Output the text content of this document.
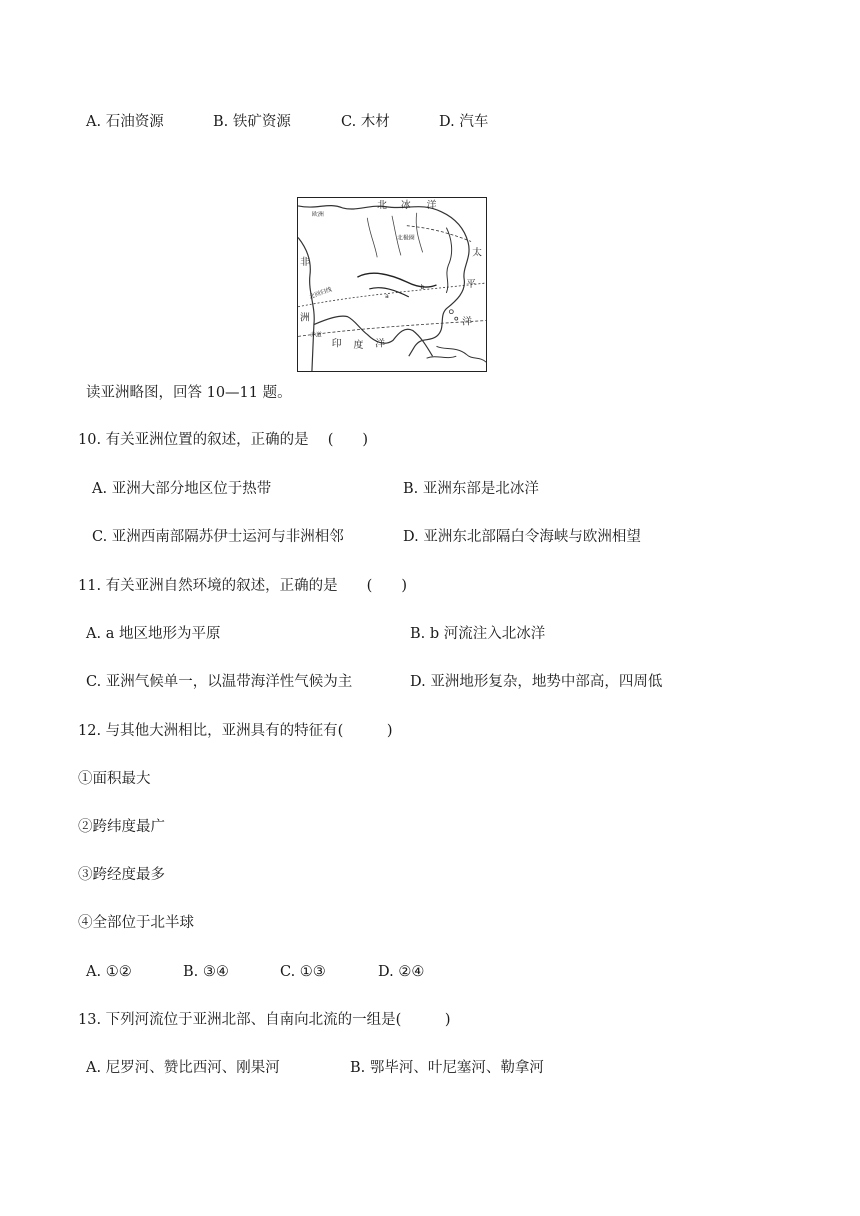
A. 石油资源	B. 铁矿资源	C. 木材	D. 汽车
欧洲
北 冰 洋
北极圈
太
平
洋
非
洲
北回归线
赤道
印 度 洋
a
b
读亚洲略图，回答 10—11 题。
10. 有关亚洲位置的叙述，正确的是　 (　　)
A. 亚洲大部分地区位于热带	B. 亚洲东部是北冰洋
C. 亚洲西南部隔苏伊士运河与非洲相邻	D. 亚洲东北部隔白令海峡与欧洲相望
11. 有关亚洲自然环境的叙述，正确的是　　(　　)
A. a 地区地形为平原	B. b 河流注入北冰洋
C. 亚洲气候单一，以温带海洋性气候为主	D. 亚洲地形复杂，地势中部高，四周低
12. 与其他大洲相比，亚洲具有的特征有(　　　)
①面积最大
②跨纬度最广
③跨经度最多
④全部位于北半球
A. ①②	B. ③④	C. ①③	D. ②④
13. 下列河流位于亚洲北部、自南向北流的一组是(　　　)
A. 尼罗河、赞比西河、刚果河	B. 鄂毕河、叶尼塞河、勒拿河
